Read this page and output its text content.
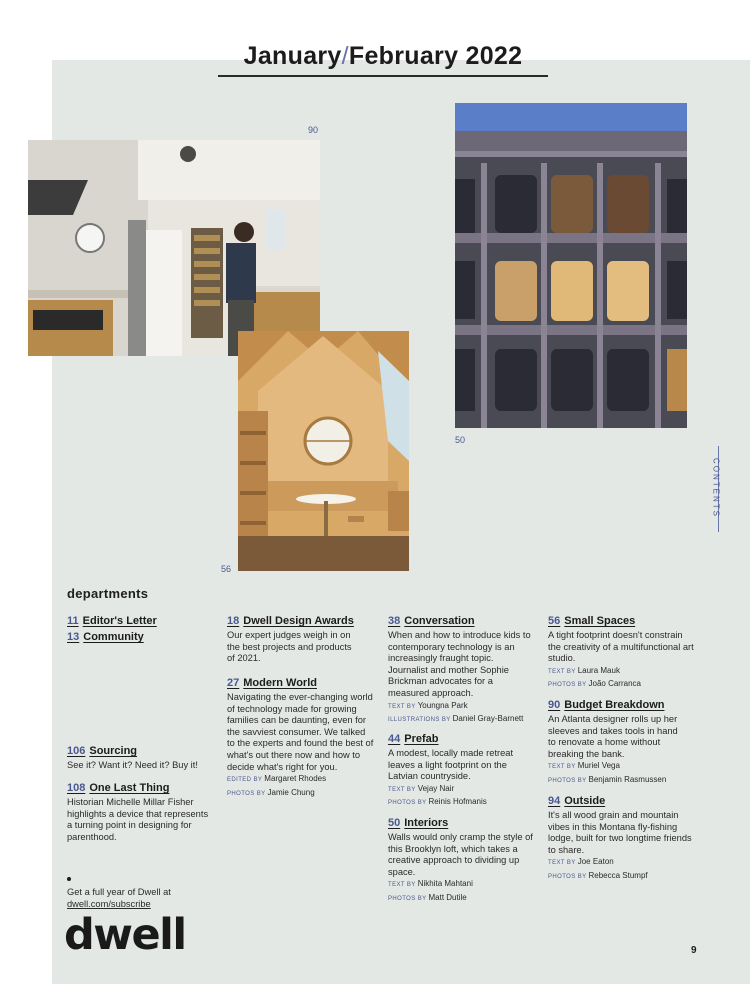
January/February 2022
90
50
56
CONTENTS
departments
11 Editor's Letter
13 Community
106 Sourcing
See it? Want it? Need it? Buy it!
108 One Last Thing
Historian Michelle Millar Fisher highlights a device that represents a turning point in designing for parenthood.
18 Dwell Design Awards
Our expert judges weigh in on the best projects and products of 2021.
27 Modern World
Navigating the ever-changing world of technology made for growing families can be daunting, even for the savviest consumer. We talked to the experts and found the best of what's out there now and how to decide what's right for you.
EDITED BY Margaret Rhodes
PHOTOS BY Jamie Chung
38 Conversation
When and how to introduce kids to contemporary technology is an increasingly fraught topic. Journalist and mother Sophie Brickman advocates for a measured approach.
TEXT BY Youngna Park
ILLUSTRATIONS BY Daniel Gray-Barnett
44 Prefab
A modest, locally made retreat leaves a light footprint on the Latvian countryside.
TEXT BY Vejay Nair
PHOTOS BY Reinis Hofmanis
50 Interiors
Walls would only cramp the style of this Brooklyn loft, which takes a creative approach to dividing up space.
TEXT BY Nikhita Mahtani
PHOTOS BY Matt Dutile
56 Small Spaces
A tight footprint doesn't constrain the creativity of a multifunctional art studio.
TEXT BY Laura Mauk
PHOTOS BY João Carranca
90 Budget Breakdown
An Atlanta designer rolls up her sleeves and takes tools in hand to renovate a home without breaking the bank.
TEXT BY Muriel Vega
PHOTOS BY Benjamin Rasmussen
94 Outside
It's all wood grain and mountain vibes in this Montana fly-fishing lodge, built for two longtime friends to share.
TEXT BY Joe Eaton
PHOTOS BY Rebecca Stumpf
Get a full year of Dwell at
dwell.com/subscribe
dwell	9
